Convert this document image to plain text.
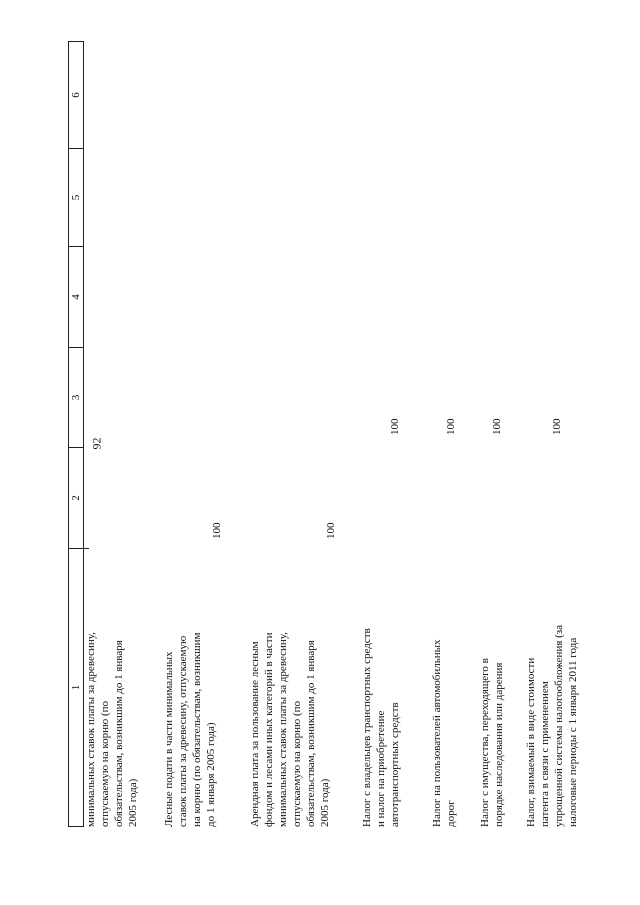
92
1
2
3
4
5
6
минимальных ставок платы за древесину, отпускаемую на корню (по обязательствам, возникшим до 1 января 2005 года) Лесные подати в части минимальных ставок платы за древесину, отпускаемую на корню (по обязательствам, возникшим до 1 января 2005 года)
100
Арендная плата за пользование лесным фондом и лесами иных категорий в части минимальных ставок платы за древесину, отпускаемую на корню (по обязательствам, возникшим до 1 января 2005 года)
100
Налог с владельцев транспортных средств и налог на приобретение автотранспортных средств
100
Налог на пользователей автомобильных дорог
100
Налог с имущества, переходящего в порядке наследования или дарения
100
Налог, взимаемый в виде стоимости патента в связи с применением упрощенной системы налогообложения (за налоговые периоды с 1 января 2011 года
100
